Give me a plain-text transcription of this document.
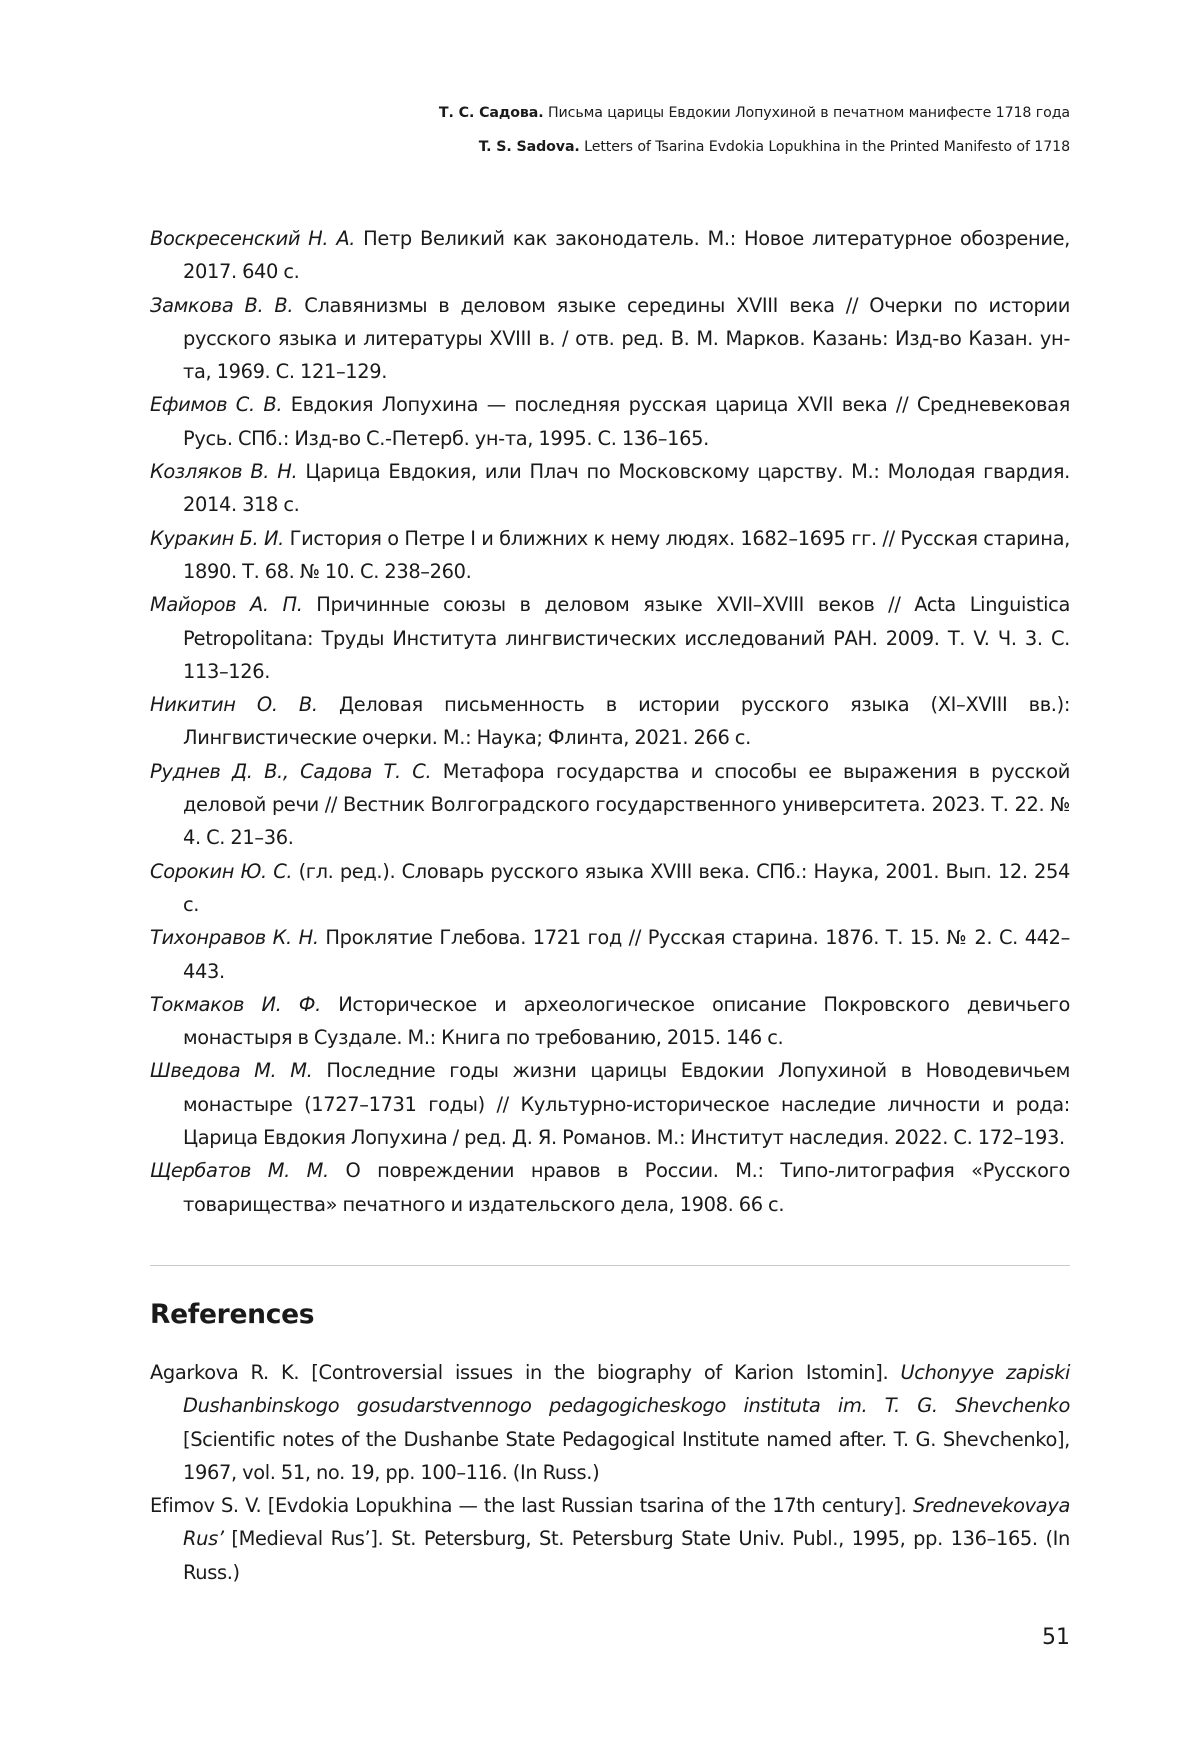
Т. С. Садова. Письма царицы Евдокии Лопухиной в печатном манифесте 1718 года
T. S. Sadova. Letters of Tsarina Evdokia Lopukhina in the Printed Manifesto of 1718
Воскресенский Н. А. Петр Великий как законодатель. М.: Новое литературное обозрение, 2017. 640 с.
Замкова В. В. Славянизмы в деловом языке середины XVIII века // Очерки по истории русского языка и литературы XVIII в. / отв. ред. В. М. Марков. Казань: Изд-во Казан. ун-та, 1969. С. 121–129.
Ефимов С. В. Евдокия Лопухина — последняя русская царица XVII века // Средневековая Русь. СПб.: Изд-во С.-Петерб. ун-та, 1995. С. 136–165.
Козляков В. Н. Царица Евдокия, или Плач по Московскому царству. М.: Молодая гвардия. 2014. 318 с.
Куракин Б. И. Гистория о Петре I и ближних к нему людях. 1682–1695 гг. // Русская старина, 1890. Т. 68. № 10. С. 238–260.
Майоров А. П. Причинные союзы в деловом языке XVII–XVIII веков // Acta Linguistica Petropolitana: Труды Института лингвистических исследований РАН. 2009. Т. V. Ч. 3. С. 113–126.
Никитин О. В. Деловая письменность в истории русского языка (XI–XVIII вв.): Лингвистические очерки. М.: Наука; Флинта, 2021. 266 с.
Руднев Д. В., Садова Т. С. Метафора государства и способы ее выражения в русской деловой речи // Вестник Волгоградского государственного университета. 2023. Т. 22. № 4. С. 21–36.
Сорокин Ю. С. (гл. ред.). Словарь русского языка XVIII века. СПб.: Наука, 2001. Вып. 12. 254 с.
Тихонравов К. Н. Проклятие Глебова. 1721 год // Русская старина. 1876. Т. 15. № 2. С. 442–443.
Токмаков И. Ф. Историческое и археологическое описание Покровского девичьего монастыря в Суздале. М.: Книга по требованию, 2015. 146 с.
Шведова М. М. Последние годы жизни царицы Евдокии Лопухиной в Новодевичьем монастыре (1727–1731 годы) // Культурно-историческое наследие личности и рода: Царица Евдокия Лопухина / ред. Д. Я. Романов. М.: Институт наследия. 2022. С. 172–193.
Щербатов М. М. О повреждении нравов в России. М.: Типо-литография «Русского товарищества» печатного и издательского дела, 1908. 66 с.
References
Agarkova R. K. [Controversial issues in the biography of Karion Istomin]. Uchonyye zapiski Dushanbinskogo gosudarstvennogo pedagogicheskogo instituta im. T. G. Shevchenko [Scientific notes of the Dushanbe State Pedagogical Institute named after. T. G. Shevchenko], 1967, vol. 51, no. 19, pp. 100–116. (In Russ.)
Efimov S. V. [Evdokia Lopukhina — the last Russian tsarina of the 17th century]. Srednevekovaya Rus’ [Medieval Rus’]. St. Petersburg, St. Petersburg State Univ. Publ., 1995, pp. 136–165. (In Russ.)
51
